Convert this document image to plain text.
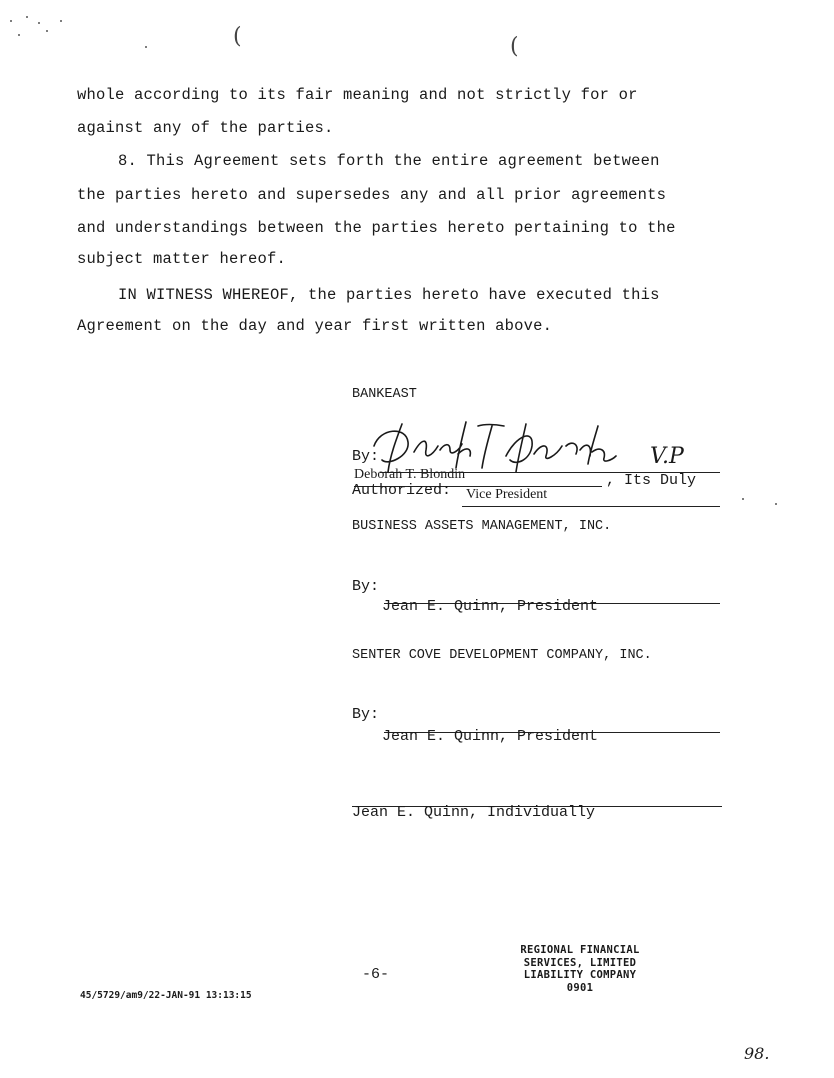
(	(
whole according to its fair meaning and not strictly for or
against any of the parties.
8. This Agreement sets forth the entire agreement between
the parties hereto and supersedes any and all prior agreements
and understandings between the parties hereto pertaining to the
subject matter hereof.
IN WITNESS WHEREOF, the parties hereto have executed this
Agreement on the day and year first written above.
BANKEAST
By:	V.P
Deborah T. Blondin	, Its Duly
Authorized: Vice President
BUSINESS ASSETS MANAGEMENT, INC.
By:
Jean E. Quinn, President
SENTER COVE DEVELOPMENT COMPANY, INC.
By:
Jean E. Quinn, President
Jean E. Quinn, Individually
-6-
REGIONAL FINANCIAL
SERVICES, LIMITED
LIABILITY COMPANY
0901
45/5729/am9/22-JAN-91 13:13:15
98.
